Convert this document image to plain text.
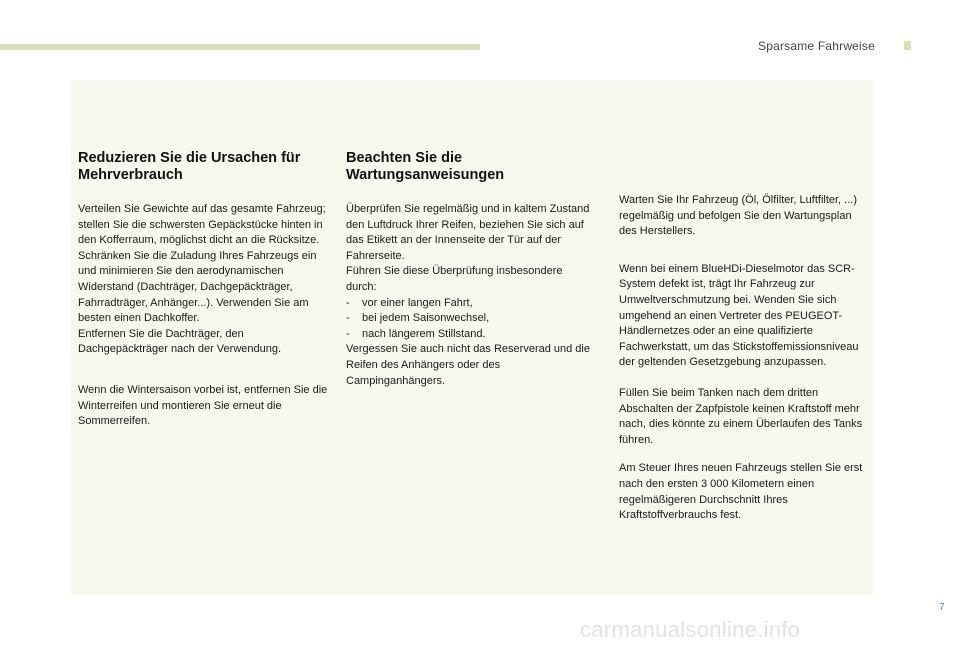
Sparsame Fahrweise
Reduzieren Sie die Ursachen für Mehrverbrauch

Verteilen Sie Gewichte auf das gesamte Fahrzeug; stellen Sie die schwersten Gepäckstücke hinten in den Kofferraum, möglichst dicht an die Rücksitze.

Schränken Sie die Zuladung Ihres Fahrzeugs ein und minimieren Sie den aerodynamischen Widerstand (Dachträger, Dachgepäckträger, Fahrradträger, Anhänger...). Verwenden Sie am besten einen Dachkoffer.

Entfernen Sie die Dachträger, den Dachgepäckträger nach der Verwendung.

Wenn die Wintersaison vorbei ist, entfernen Sie die Winterreifen und montieren Sie erneut die Sommerreifen.

Beachten Sie die Wartungsanweisungen

Überprüfen Sie regelmäßig und in kaltem Zustand den Luftdruck Ihrer Reifen, beziehen Sie sich auf das Etikett an der Innenseite der Tür auf der Fahrerseite.

Führen Sie diese Überprüfung insbesondere durch:

-	vor einer langen Fahrt,
-	bei jedem Saisonwechsel,
-	nach längerem Stillstand.

Vergessen Sie auch nicht das Reserverad und die Reifen des Anhängers oder des Campinganhängers.

Warten Sie Ihr Fahrzeug (Öl, Ölfilter, Luftfilter, ...) regelmäßig und befolgen Sie den Wartungsplan des Herstellers.

Wenn bei einem BlueHDi-Dieselmotor das SCR-System defekt ist, trägt Ihr Fahrzeug zur Umweltverschmutzung bei. Wenden Sie sich umgehend an einen Vertreter des PEUGEOT-Händlernetzes oder an eine qualifizierte Fachwerkstatt, um das Stickstoffemissionsniveau der geltenden Gesetzgebung anzupassen.

Füllen Sie beim Tanken nach dem dritten Abschalten der Zapfpistole keinen Kraftstoff mehr nach, dies könnte zu einem Überlaufen des Tanks führen.

Am Steuer Ihres neuen Fahrzeugs stellen Sie erst nach den ersten 3 000 Kilometern einen regelmäßigeren Durchschnitt Ihres Kraftstoffverbrauchs fest.

7
carmanualsonline.info
